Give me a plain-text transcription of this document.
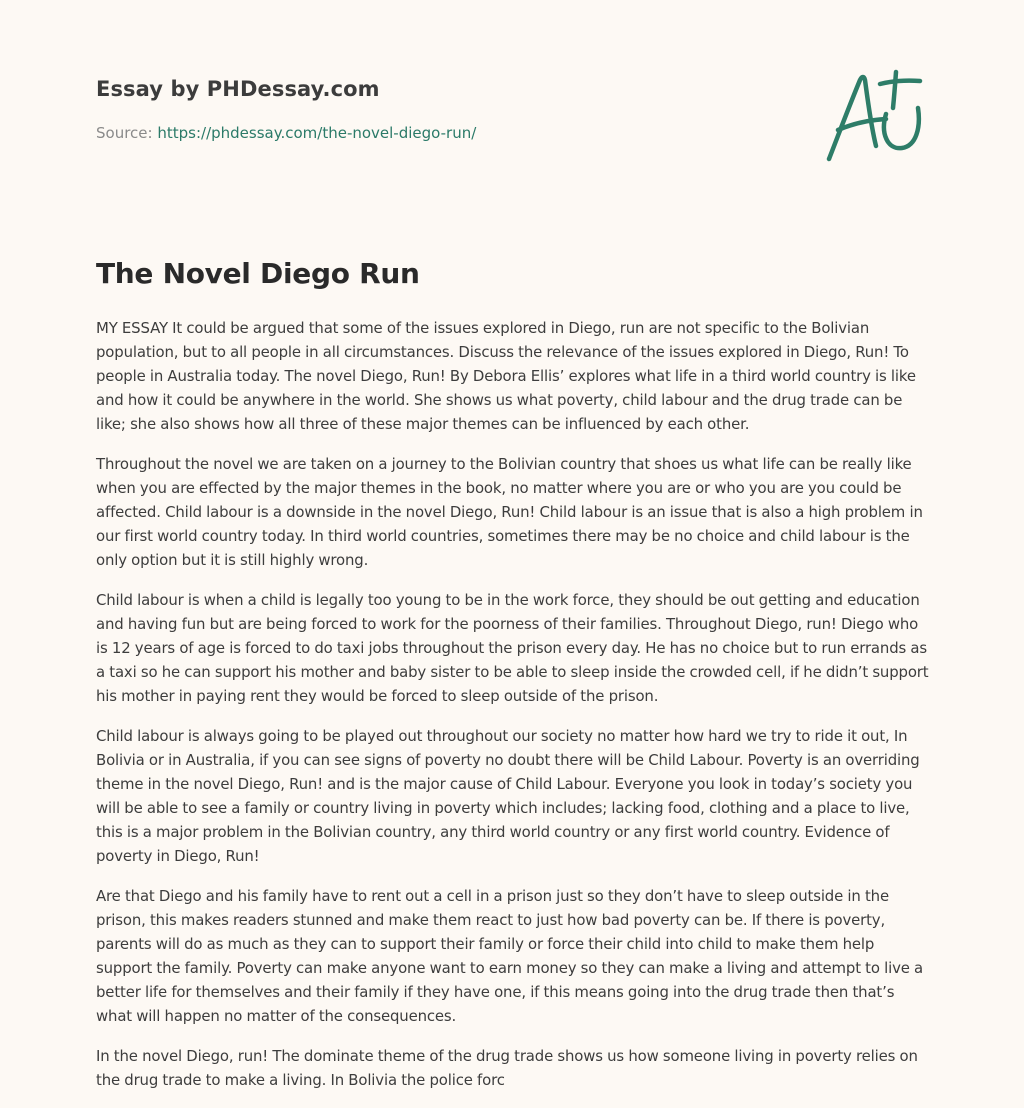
Essay by PHDessay.com
Source: https://phdessay.com/the-novel-diego-run/
The Novel Diego Run

MY ESSAY It could be argued that some of the issues explored in Diego, run are not specific to the Bolivian population, but to all people in all circumstances. Discuss the relevance of the issues explored in Diego, Run! To people in Australia today. The novel Diego, Run! By Debora Ellis’ explores what life in a third world country is like and how it could be anywhere in the world. She shows us what poverty, child labour and the drug trade can be like; she also shows how all three of these major themes can be influenced by each other.

Throughout the novel we are taken on a journey to the Bolivian country that shoes us what life can be really like when you are effected by the major themes in the book, no matter where you are or who you are you could be affected. Child labour is a downside in the novel Diego, Run! Child labour is an issue that is also a high problem in our first world country today. In third world countries, sometimes there may be no choice and child labour is the only option but it is still highly wrong.

Child labour is when a child is legally too young to be in the work force, they should be out getting and education and having fun but are being forced to work for the poorness of their families. Throughout Diego, run! Diego who is 12 years of age is forced to do taxi jobs throughout the prison every day. He has no choice but to run errands as a taxi so he can support his mother and baby sister to be able to sleep inside the crowded cell, if he didn’t support his mother in paying rent they would be forced to sleep outside of the prison.

Child labour is always going to be played out throughout our society no matter how hard we try to ride it out, In Bolivia or in Australia, if you can see signs of poverty no doubt there will be Child Labour. Poverty is an overriding theme in the novel Diego, Run! and is the major cause of Child Labour. Everyone you look in today’s society you will be able to see a family or country living in poverty which includes; lacking food, clothing and a place to live, this is a major problem in the Bolivian country, any third world country or any first world country. Evidence of poverty in Diego, Run!

Are that Diego and his family have to rent out a cell in a prison just so they don’t have to sleep outside in the prison, this makes readers stunned and make them react to just how bad poverty can be. If there is poverty, parents will do as much as they can to support their family or force their child into child to make them help support the family. Poverty can make anyone want to earn money so they can make a living and attempt to live a better life for themselves and their family if they have one, if this means going into the drug trade then that’s what will happen no matter of the consequences.

In the novel Diego, run! The dominate theme of the drug trade shows us how someone living in poverty relies on the drug trade to make a living. In Bolivia the police forc
